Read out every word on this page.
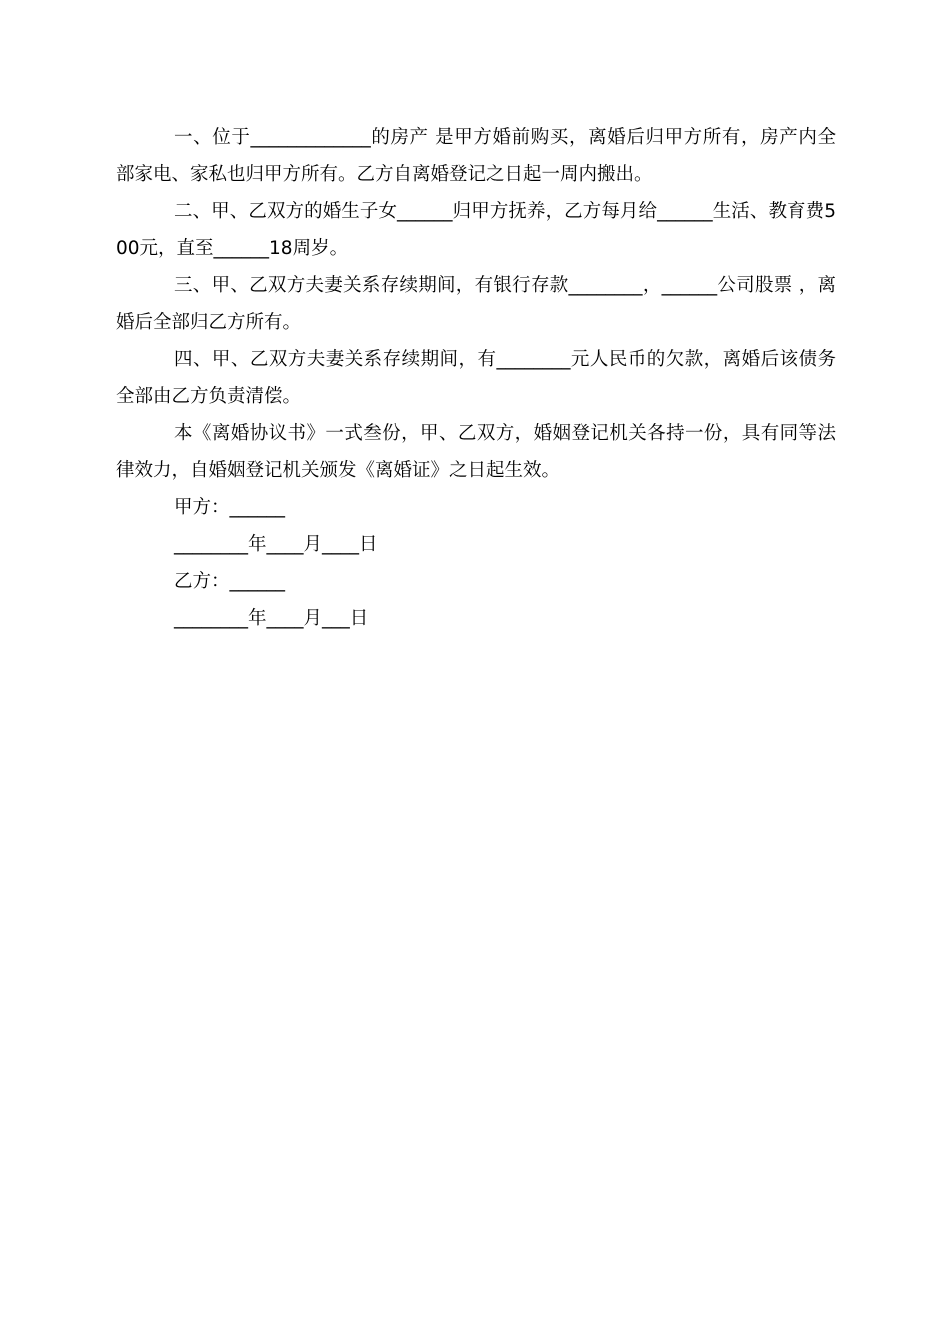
一、位于_____________的房产 是甲方婚前购买，离婚后归甲方所有，房产内全部家电、家私也归甲方所有。乙方自离婚登记之日起一周内搬出。

二、甲、乙双方的婚生子女______归甲方抚养，乙方每月给______生活、教育费500元，直至______18周岁。

三、甲、乙双方夫妻关系存续期间，有银行存款________，______公司股票 ，离婚后全部归乙方所有。

四、甲、乙双方夫妻关系存续期间，有________元人民币的欠款，离婚后该债务全部由乙方负责清偿。

本《离婚协议书》一式叁份，甲、乙双方，婚姻登记机关各持一份，具有同等法律效力，自婚姻登记机关颁发《离婚证》之日起生效。

甲方：______

________年____月____日

乙方：______

________年____月___日
